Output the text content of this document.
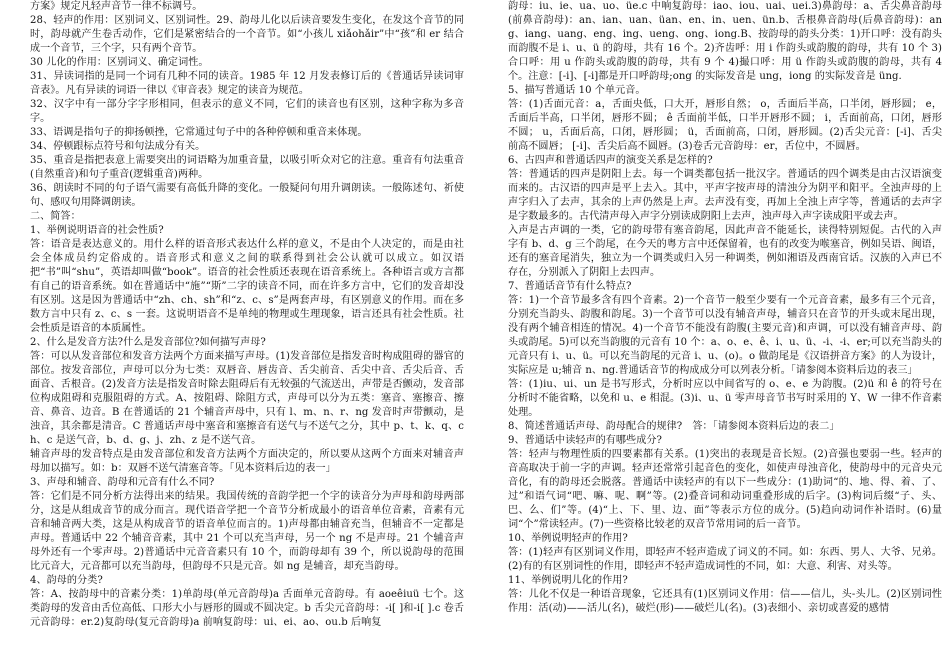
方案》规定凡轻声音节一律不标调号。

28、轻声的作用：区别词义、区别词性。29、韵母儿化以后读音要发生变化，在发这个音节的同时，韵母就产生卷舌动作，它们是紧密结合的一个音节。如“小孩儿 xiǎohǎir”中“孩”和 er 结合成一个音节，三个字，只有两个音节。

30 儿化的作用：区别词义、确定词性。

31、异读词指的是同一个词有几种不同的读音。1985 年 12 月发表修订后的《普通话异读词审音表》。凡有异读的词语一律以《审音表》规定的读音为规范。

32、汉字中有一部分字字形相同，但表示的意义不同，它们的读音也有区别，这种字称为多音字。

33、语调是指句子的抑扬顿挫，它常通过句子中的各种停顿和重音来体现。

34、停顿跟标点符号和句法成分有关。

35、重音是指把表意上需要突出的词语略为加重音量，以吸引听众对它的注意。重音有句法重音(自然重音)和句子重音(逻辑重音)两种。

36、朗读时不同的句子语气需要有高低升降的变化。一般疑问句用升调朗读。一般陈述句、祈使句、感叹句用降调朗读。

二、简答：

1、举例说明语音的社会性质?

答：语音是表达意义的。用什么样的语音形式表达什么样的意义，不是由个人决定的，而是由社会全体成员约定俗成的。语音形式和意义之间的联系得到社会公认就可以成立。如汉语把“书”叫“shu”，英语却叫做“book”。语音的社会性质还表现在语音系统上。各种语言或方言都有自己的语音系统。如在普通话中“施”“斯”二字的读音不同，而在许多方言中，它们的发音却没有区别。这是因为普通话中“zh、ch、sh”和“z、c、s”是两套声母，有区别意义的作用。而在多数方言中只有 z、c、s 一套。这说明语音不是单纯的物理或生理现象，语言还具有社会性质。社会性质是语音的本质属性。

2、什么是发音方法?什么是发音部位?如何描写声母?

答：可以从发音部位和发音方法两个方面来描写声母。(1)发音部位是指发音时构成阻碍的器官的部位。按发音部位，声母可以分为七类：双唇音、唇齿音、舌尖前音、舌尖中音、舌尖后音、舌面音、舌根音。(2)发音方法是指发音时除去阻碍后有无较强的气流送出，声带是否颤动，发音部位构成阻碍和克服阻碍的方式。A、按阻碍、除阻方式，声母可以分为五类：塞音、塞擦音、擦音、鼻音、边音。B 在普通话的 21 个辅音声母中，只有 l、m、n、r、ng 发音时声带颤动，是浊音，其余都是清音。C 普通话声母中塞音和塞擦音有送气与不送气之分，其中 p、t、k、q、ch、c 是送气音，b、d、g、j、zh、z 是不送气音。

辅音声母的发音特点是由发音部位和发音方法两个方面决定的，所以要从这两个方面来对辅音声母加以描写。如：b：双唇不送气清塞音等。「见本资料后边的表一」

3、声母和辅音、韵母和元音有什么不同?

答：它们是不同分析方法得出来的结果。我国传统的音韵学把一个字的读音分为声母和韵母两部分，这是从组成音节的成分而言。现代语音学把一个音节分析成最小的语音单位音素，音素有元音和辅音两大类，这是从构成音节的语音单位而言的。1)声母都由辅音充当，但辅音不一定都是声母。普通话中 22 个辅音音素，其中 21 个可以充当声母，另一个 ng 不是声母。21 个辅音声母外还有一个零声母。2)普通话中元音音素只有 10 个，而韵母却有 39 个，所以说韵母的范围比元音大，元音都可以充当韵母，但韵母不只是元音。如 ng 是辅音，却充当韵母。

4、韵母的分类?

答：A、按韵母中的音素分类：1)单韵母(单元音韵母)a 舌面单元音韵母。有 aoeêiuü 七个。这类韵母的发音由舌位高低、口形大小与唇形的圆或不圆决定。b 舌尖元音韵母：-i[ ]和-i[ ].c 卷舌元音韵母：er.2)复韵母(复元音韵母)a 前响复韵母：ui、ei、ao、ou.b 后响复

韵母：iu、ie、ua、uo、üe.c 中响复韵母：iao、iou、uai、uei.3)鼻韵母：a、舌尖鼻音韵母(前鼻音韵母)：an、ian、uan、üan、en、in、uen、ün.b、舌根鼻音韵母(后鼻音韵母)：ang、iang、uang、eng、ing、ueng、ong、iong.B、按韵母的韵头分类：1)开口呼：没有韵头而韵腹不是 i、u、ü 的韵母，共有 16 个。2)齐齿呼：用 i 作韵头或韵腹的韵母，共有 10 个 3)合口呼：用 u 作韵头或韵腹的韵母，共有 9 个 4)撮口呼：用 ü 作韵头或韵腹的韵母，共有 4 个。注意：[-i]、[-i]都是开口呼韵母;ong 的实际发音是 ung，iong 的实际发音是 üng.

5、描写普通话 10 个单元音。

答：(1)舌面元音：a，舌面央低，口大开，唇形自然； o，舌面后半高，口半闭，唇形圆； e，舌面后半高，口半闭，唇形不圆； ê 舌面前半低，口半开唇形不圆； i，舌面前高，口闭，唇形不圆； u，舌面后高，口闭，唇形圆； ü，舌面前高，口闭，唇形圆。(2)舌尖元音：[-i]、舌尖前高不圆唇； [-i]、舌尖后高不圆唇。(3)卷舌元音韵母：er，舌位中，不圆唇。

6、古四声和普通话四声的演变关系是怎样的?

答：普通话的四声是阴阳上去。每一个调类都包括一批汉字。普通话的四个调类是由古汉语演变而来的。古汉语的四声是平上去入。其中，平声字按声母的清浊分为阴平和阳平。全浊声母的上声字归入了去声，其余的上声仍然是上声。去声没有变，再加上全浊上声字等，普通话的去声字是字数最多的。古代清声母入声字分别读成阴阳上去声，浊声母入声字读成阳平或去声。

入声是古声调的一类，它的韵母带有塞音韵尾，因此声音不能延长，读得特别短促。古代的入声字有 b、d、g 三个韵尾，在今天的粤方言中还保留着，也有的改变为喉塞音，例如吴语、闽语，还有的塞音尾消失，独立为一个调类或归入另一种调类，例如湘语及西南官话。汉族的入声已不存在，分别派入了阴阳上去四声。

7、普通话音节有什么特点?

答：1)一个音节最多含有四个音素。2)一个音节一般至少要有一个元音音素，最多有三个元音，分别充当韵头、韵腹和韵尾。3)一个音节可以没有辅音声母，辅音只在音节的开头或末尾出现，没有两个辅音相连的情况。4)一个音节不能没有韵腹(主要元音)和声调，可以没有辅音声母、韵头或韵尾。5)可以充当韵腹的元音有 10 个：a、o、e、ê、i、u、ü、-i、-i、er;可以充当韵头的元音只有 i、u、ü。可以充当韵尾的元音 i、u、(o)。o 做韵尾是《汉语拼音方案》的人为设计，实际应是 u;辅音 n、ng.普通话音节的构成成分可以列表分析。「请参阅本资料后边的表三」

答：(1)iu、ui、un 是书写形式，分析时应以中间省写的 o、e、e 为韵腹。(2)ü 和 ê 的符号在分析时不能省略，以免和 u、e 相混。(3)i、u、ü 零声母音节书写时采用的 Y、W 一律不作音素处理。

8、简述普通话声母、韵母配合的规律?　答：「请参阅本资料后边的表二」

9、普通话中读轻声的有哪些成分?

答：轻声与物理性质的四要素都有关系。(1)突出的表现是音长短。(2)音强也要弱一些。轻声的音高取决于前一字的声调。轻声还常常引起音色的变化，如使声母浊音化，使韵母中的元音央元音化，有的韵母还会脱落。普通话中读轻声的有以下一些成分：(1)助词“的、地、得、着、了、过”和语气词“吧、嘛、呢、啊”等。(2)叠音词和动词重叠形成的后字。(3)构词后缀“子、头、巴、么、们”等。(4)“上、下、里、边、面”等表示方位的成分。(5)趋向动词作补语时。(6)量词“个”常读轻声。(7)一些资格比较老的双音节常用词的后一音节。

10、举例说明轻声的作用?

答：(1)轻声有区别词义作用，即轻声不轻声造成了词义的不同。如：东西、男人、大爷、兄弟。(2)有的有区别词性的作用，即轻声不轻声造成词性的不同，如：大意、利害、对头等。

11、举例说明儿化的作用?

答：儿化不仅是一种语音现象，它还具有(1)区别词义作用：信——信儿，头-头儿。(2)区别词性作用：活(动)——活儿(名)，破烂(形)——破烂儿(名)。(3)表细小、亲切或喜爱的感情
